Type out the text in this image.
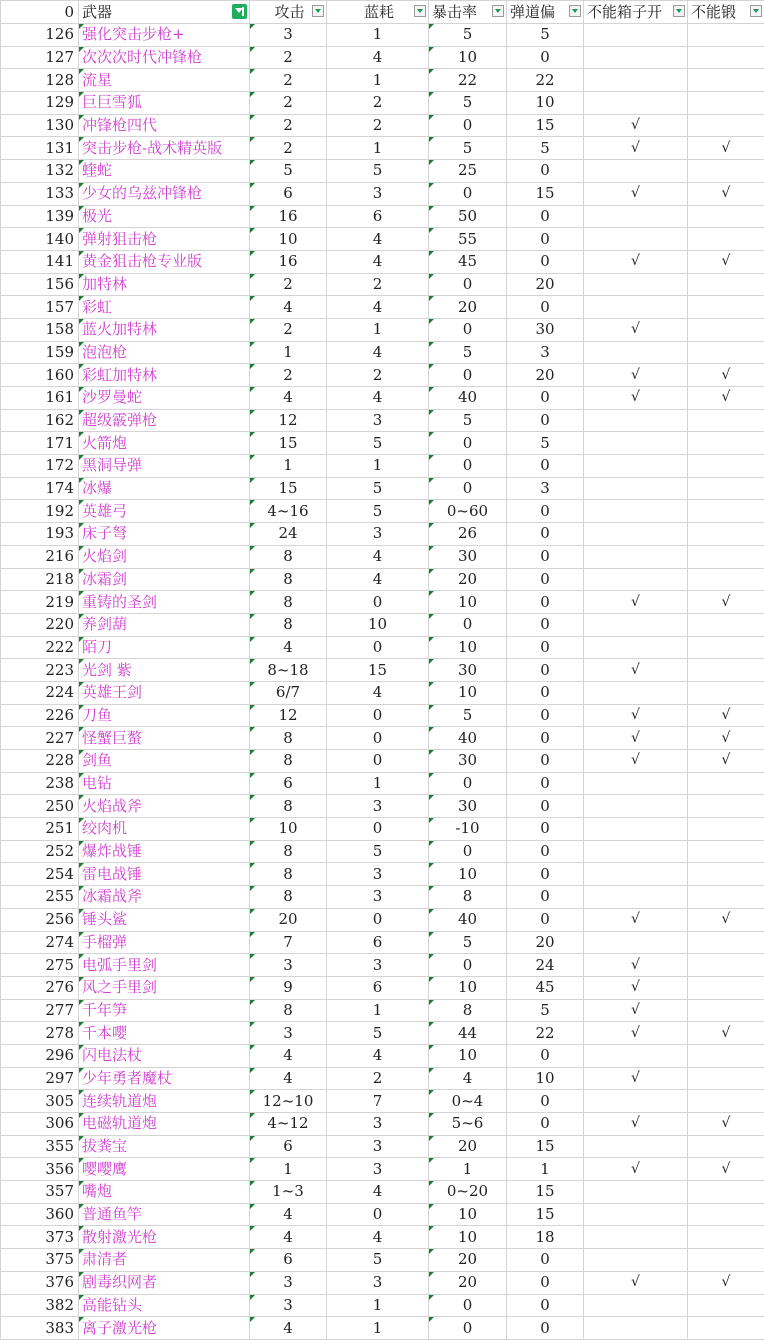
0	武器	攻击	蓝耗	暴击率	弹道偏	不能箱子开	不能锻

126	强化突击步枪+	3	1	5	5		
127	次次次时代冲锋枪	2	4	10	0		
128	流星	2	1	22	22		
129	巨巨雪狐	2	2	5	10		
130	冲锋枪四代	2	2	0	15	√	
131	突击步枪-战术精英版	2	1	5	5	√	√
132	蝰蛇	5	5	25	0		
133	少女的乌兹冲锋枪	6	3	0	15	√	√
139	极光	16	6	50	0		
140	弹射狙击枪	10	4	55	0		
141	黄金狙击枪专业版	16	4	45	0	√	√
156	加特林	2	2	0	20		
157	彩虹	4	4	20	0		
158	蓝火加特林	2	1	0	30	√	
159	泡泡枪	1	4	5	3		
160	彩虹加特林	2	2	0	20	√	√
161	沙罗曼蛇	4	4	40	0	√	√
162	超级霰弹枪	12	3	5	0		
171	火箭炮	15	5	0	5		
172	黑洞导弹	1	1	0	0		
174	冰爆	15	5	0	3		
192	英雄弓	4~16	5	0~60	0		
193	床子弩	24	3	26	0		
216	火焰剑	8	4	30	0		
218	冰霜剑	8	4	20	0		
219	重铸的圣剑	8	0	10	0	√	√
220	养剑葫	8	10	0	0		
222	陌刀	4	0	10	0		
223	光剑 紫	8~18	15	30	0	√	
224	英雄王剑	6/7	4	10	0		
226	刀鱼	12	0	5	0	√	√
227	怪蟹巨螯	8	0	40	0	√	√
228	剑鱼	8	0	30	0	√	√
238	电钻	6	1	0	0		
250	火焰战斧	8	3	30	0		
251	绞肉机	10	0	-10	0		
252	爆炸战锤	8	5	0	0		
254	雷电战锤	8	3	10	0		
255	冰霜战斧	8	3	8	0		
256	锤头鲨	20	0	40	0	√	√
274	手榴弹	7	6	5	20		
275	电弧手里剑	3	3	0	24	√	
276	风之手里剑	9	6	10	45	√	
277	千年笋	8	1	8	5	√	
278	千本嘤	3	5	44	22	√	√
296	闪电法杖	4	4	10	0		
297	少年勇者魔杖	4	2	4	10	√	
305	连续轨道炮	12~10	7	0~4	0		
306	电磁轨道炮	4~12	3	5~6	0	√	√
355	拔粪宝	6	3	20	15		
356	嘤嘤鹰	1	3	1	1	√	√
357	嘴炮	1~3	4	0~20	15		
360	普通鱼竿	4	0	10	15		
373	散射激光枪	4	4	10	18		
375	肃清者	6	5	20	0		
376	剧毒织网者	3	3	20	0	√	√
382	高能钻头	3	1	0	0		
383	离子激光枪	4	1	0	0		
